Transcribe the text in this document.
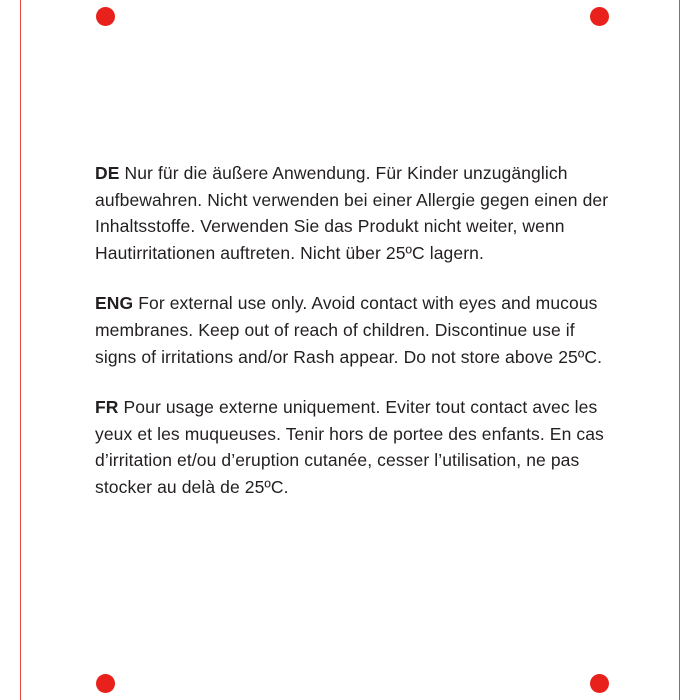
DE Nur für die äußere Anwendung. Für Kinder unzugänglich aufbewahren. Nicht verwenden bei einer Allergie gegen einen der Inhaltsstoffe. Verwenden Sie das Produkt nicht weiter, wenn Hautirritationen auftreten. Nicht über 25ºC lagern.

ENG For external use only. Avoid contact with eyes and mucous membranes. Keep out of reach of children. Discontinue use if signs of irritations and/or Rash appear. Do not store above 25ºC.

FR Pour usage externe uniquement. Eviter tout contact avec les yeux et les muqueuses. Tenir hors de portee des enfants. En cas d’irritation et/ou d’eruption cutanée, cesser l’utilisation, ne pas stocker au delà de 25ºC.
